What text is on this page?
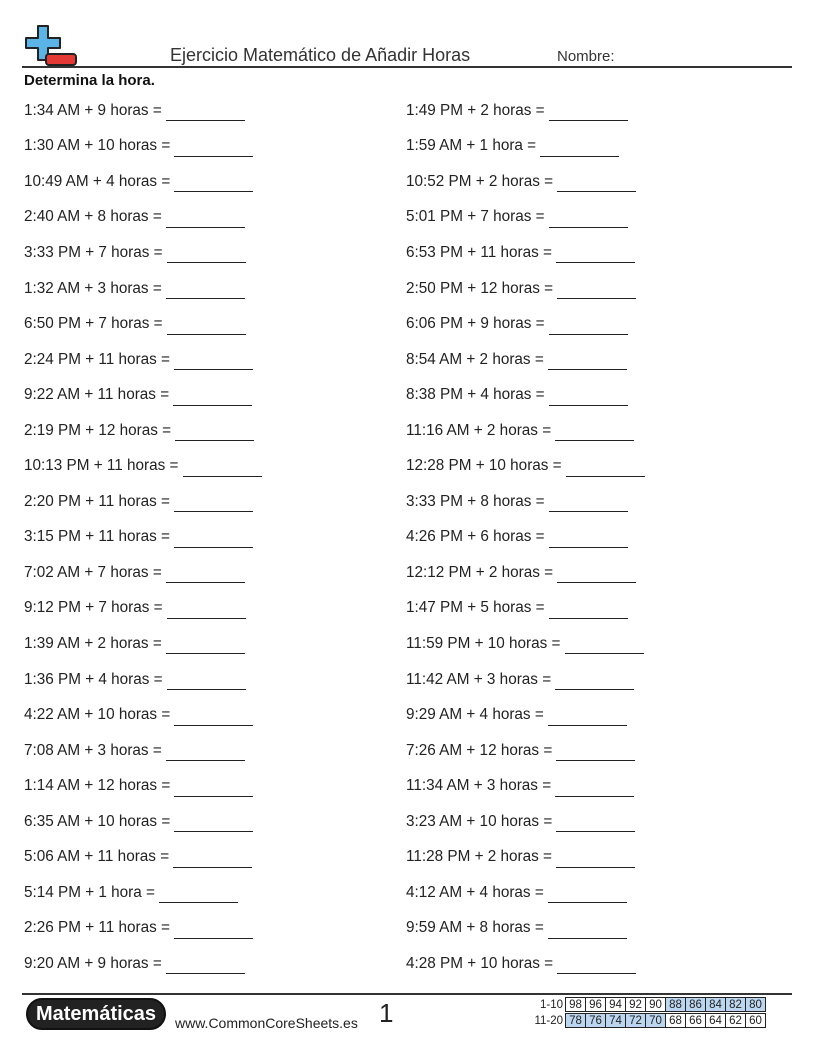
Ejercicio Matemático de Añadir Horas	Nombre:
Determina la hora.
1:34 AM + 9 horas =
1:30 AM + 10 horas =
10:49 AM + 4 horas =
2:40 AM + 8 horas =
3:33 PM + 7 horas =
1:32 AM + 3 horas =
6:50 PM + 7 horas =
2:24 PM + 11 horas =
9:22 AM + 11 horas =
2:19 PM + 12 horas =
10:13 PM + 11 horas =
2:20 PM + 11 horas =
3:15 PM + 11 horas =
7:02 AM + 7 horas =
9:12 PM + 7 horas =
1:39 AM + 2 horas =
1:36 PM + 4 horas =
4:22 AM + 10 horas =
7:08 AM + 3 horas =
1:14 AM + 12 horas =
6:35 AM + 10 horas =
5:06 AM + 11 horas =
5:14 PM + 1 hora =
2:26 PM + 11 horas =
9:20 AM + 9 horas =
1:49 PM + 2 horas =
1:59 AM + 1 hora =
10:52 PM + 2 horas =
5:01 PM + 7 horas =
6:53 PM + 11 horas =
2:50 PM + 12 horas =
6:06 PM + 9 horas =
8:54 AM + 2 horas =
8:38 PM + 4 horas =
11:16 AM + 2 horas =
12:28 PM + 10 horas =
3:33 PM + 8 horas =
4:26 PM + 6 horas =
12:12 PM + 2 horas =
1:47 PM + 5 horas =
11:59 PM + 10 horas =
11:42 AM + 3 horas =
9:29 AM + 4 horas =
7:26 AM + 12 horas =
11:34 AM + 3 horas =
3:23 AM + 10 horas =
11:28 PM + 2 horas =
4:12 AM + 4 horas =
9:59 AM + 8 horas =
4:28 PM + 10 horas =
Matemáticas	www.CommonCoreSheets.es 1	1-10 98 96 94 92 90 88 86 84 82 80
11-20 78 76 74 72 70 68 66 64 62 60
